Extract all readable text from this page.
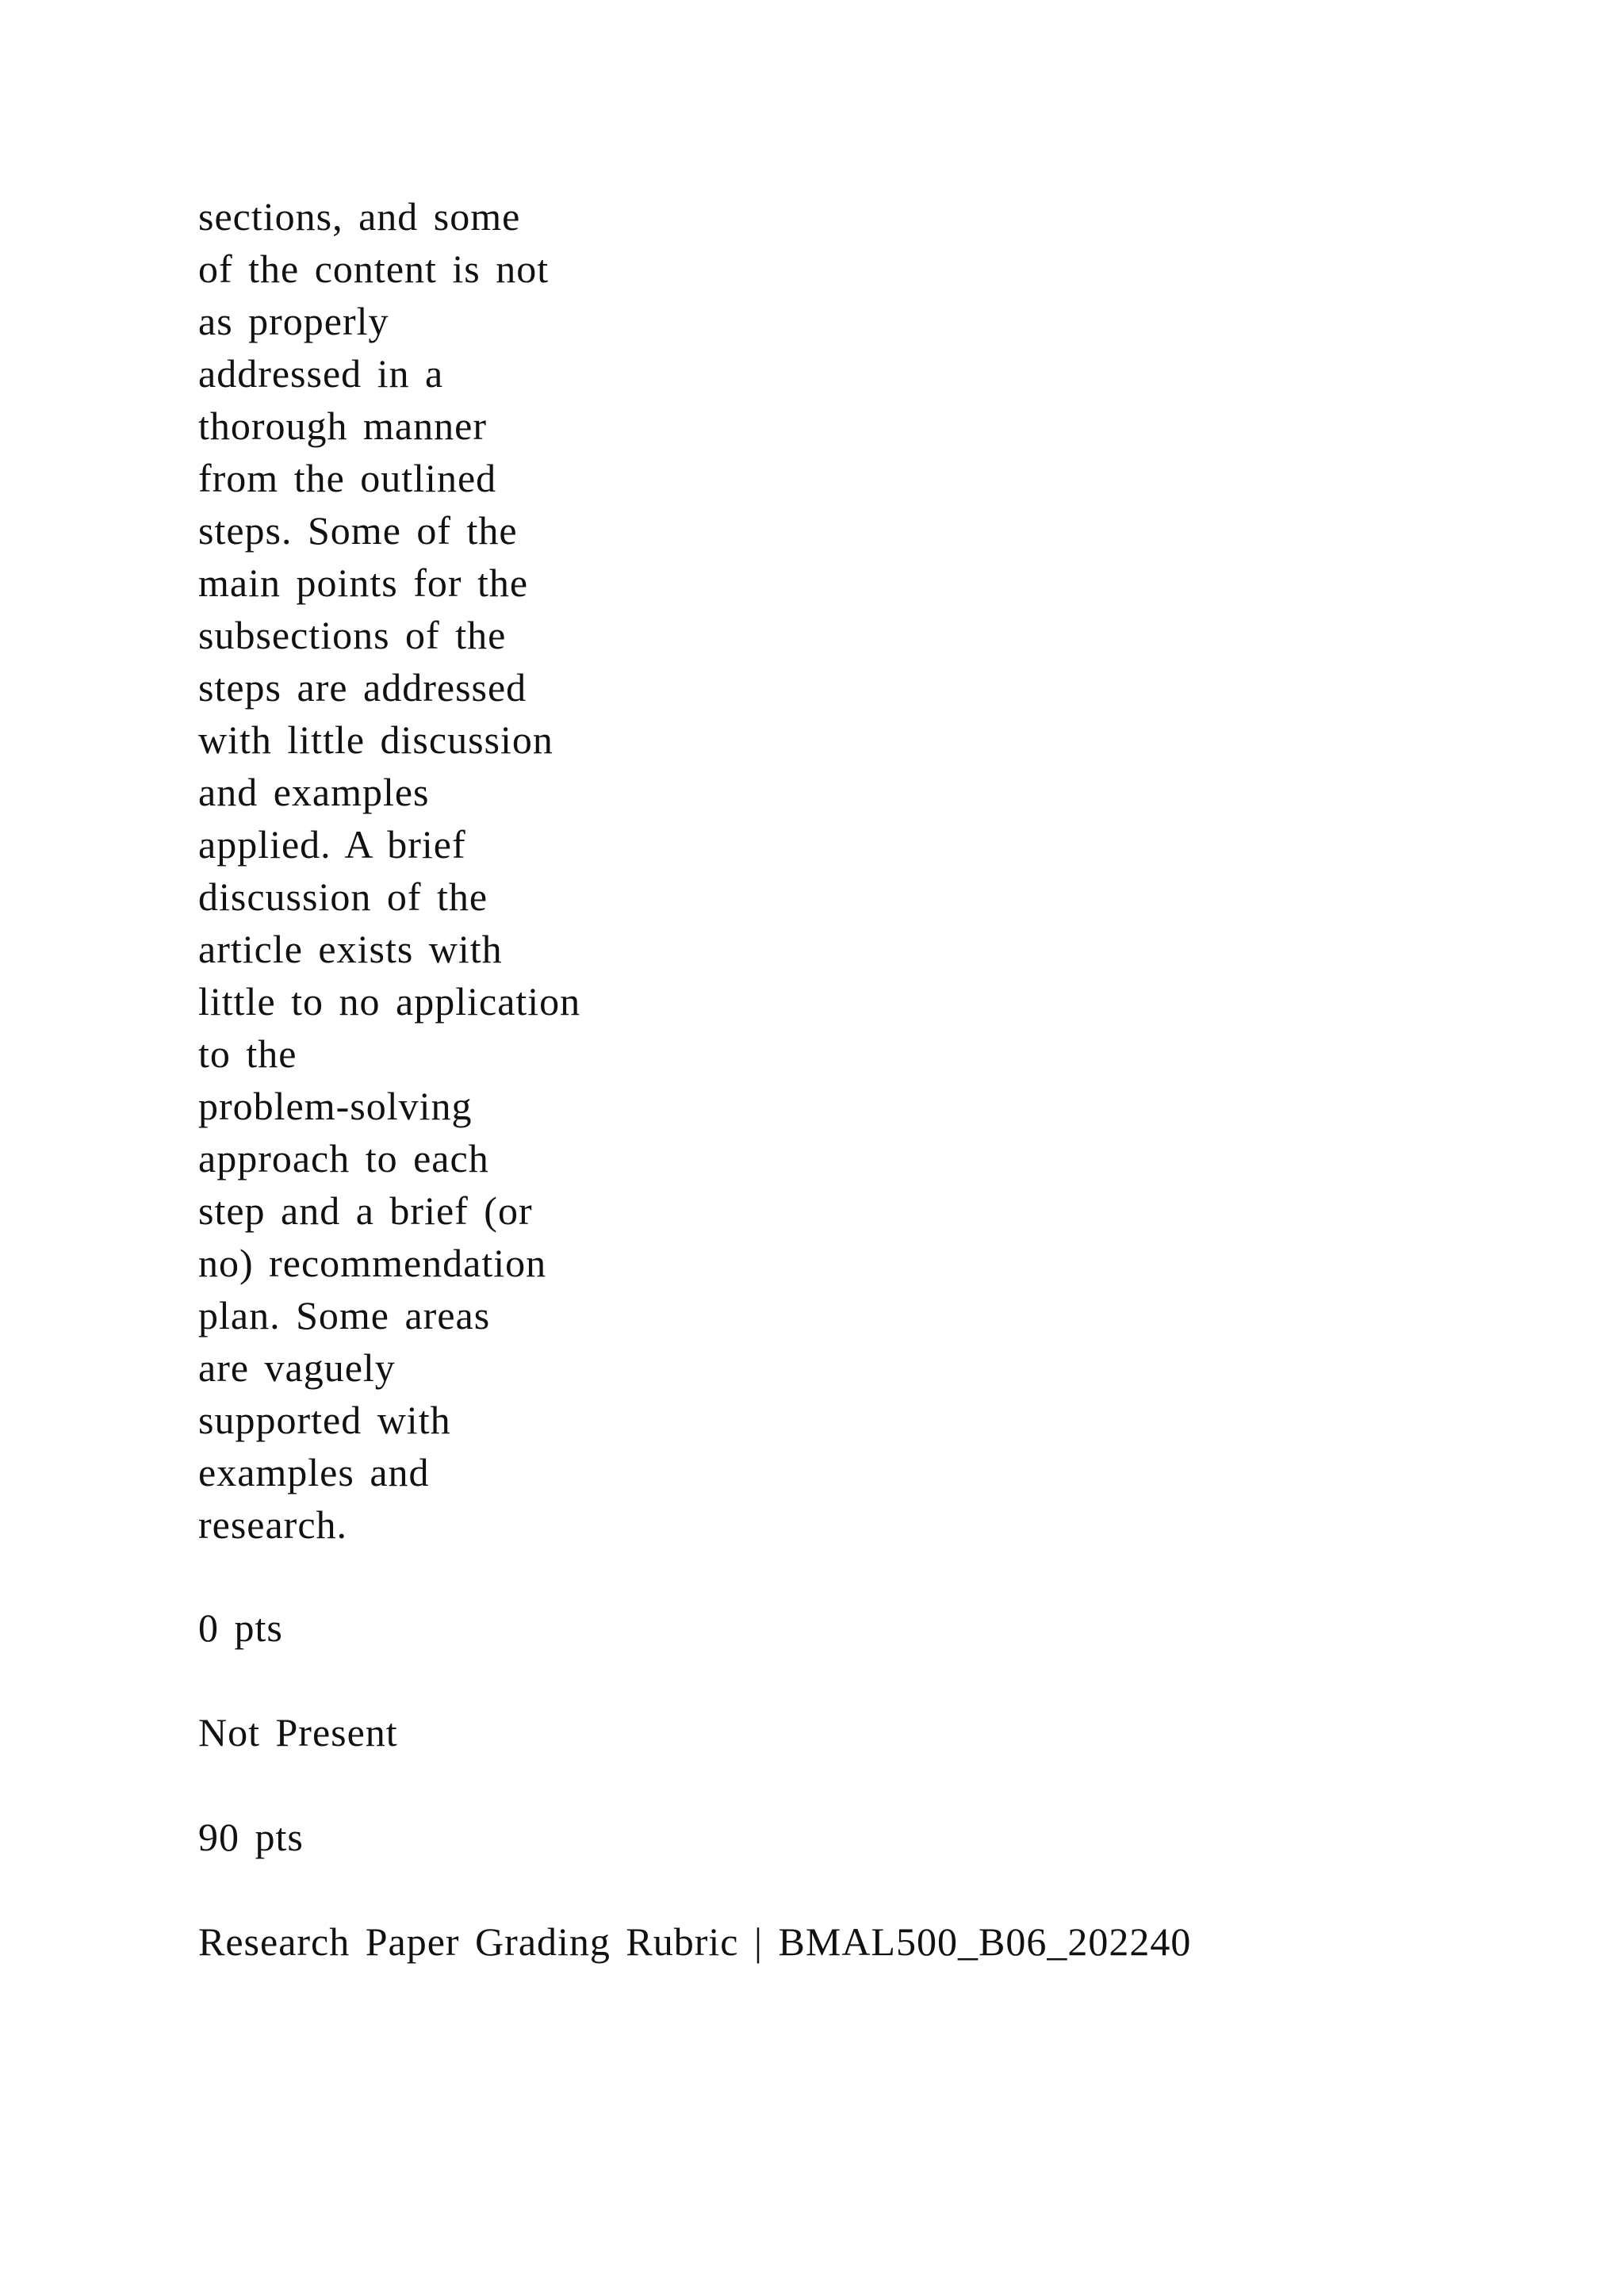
sections, and some
of the content is not
as properly
addressed in a
thorough manner
from the outlined
steps. Some of the
main points for the
subsections of the
steps are addressed
with little discussion
and examples
applied. A brief
discussion of the
article exists with
little to no application
to the
problem-solving
approach to each
step and a brief (or
no) recommendation
plan. Some areas
are vaguely
supported with
examples and
research.
0 pts
Not Present
90 pts
Research Paper Grading Rubric | BMAL500_B06_202240
